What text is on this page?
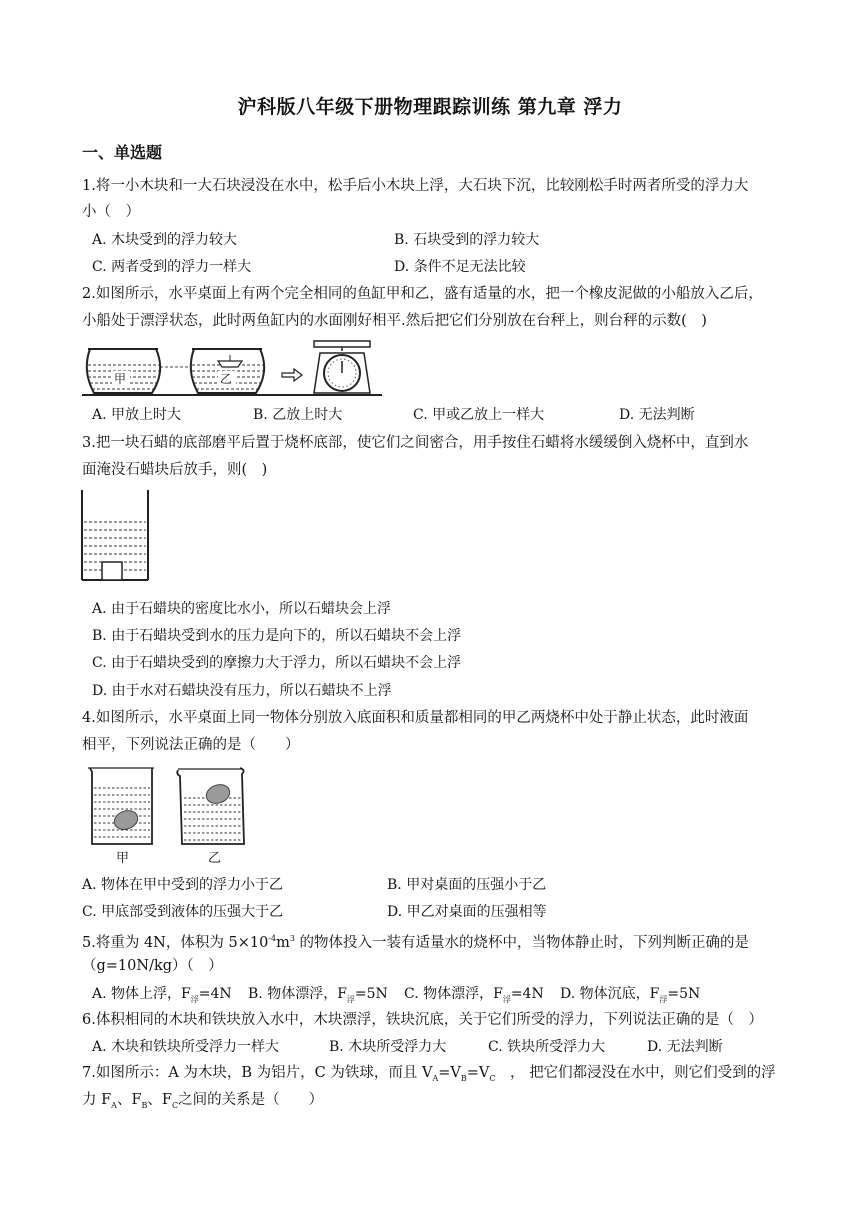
沪科版八年级下册物理跟踪训练 第九章 浮力
一、单选题
1.将一小木块和一大石块浸没在水中，松手后小木块上浮，大石块下沉，比较刚松手时两者所受的浮力大
小（　）
A. 木块受到的浮力较大	B. 石块受到的浮力较大
C. 两者受到的浮力一样大	D. 条件不足无法比较
2.如图所示，水平桌面上有两个完全相同的鱼缸甲和乙，盛有适量的水，把一个橡皮泥做的小船放入乙后，
小船处于漂浮状态，此时两鱼缸内的水面刚好相平.然后把它们分别放在台秤上，则台秤的示数(　)
甲	乙
A. 甲放上时大	B. 乙放上时大	C. 甲或乙放上一样大	D. 无法判断
3.把一块石蜡的底部磨平后置于烧杯底部，使它们之间密合，用手按住石蜡将水缓缓倒入烧杯中，直到水
面淹没石蜡块后放手，则(　)
A. 由于石蜡块的密度比水小，所以石蜡块会上浮
B. 由于石蜡块受到水的压力是向下的，所以石蜡块不会上浮
C. 由于石蜡块受到的摩擦力大于浮力，所以石蜡块不会上浮
D. 由于水对石蜡块没有压力，所以石蜡块不上浮
4.如图所示，水平桌面上同一物体分别放入底面积和质量都相同的甲乙两烧杯中处于静止状态，此时液面
相平，下列说法正确的是（　　）
甲	乙
A. 物体在甲中受到的浮力小于乙	B. 甲对桌面的压强小于乙
C. 甲底部受到液体的压强大于乙	D. 甲乙对桌面的压强相等
5.将重为 4N，体积为 $5\times 10^{-4}m^3$ 的物体投入一装有适量水的烧杯中，当物体静止时，下列判断正确的是
（g=10N/kg）（　）
A. 物体上浮，$F_浮=4N$ B. 物体漂浮，$F_浮=5N$ C. 物体漂浮，$F_浮=4N$ D. 物体沉底，$F_浮=5N$
6.体积相同的木块和铁块放入水中，木块漂浮，铁块沉底，关于它们所受的浮力，下列说法正确的是（　）
A. 木块和铁块所受浮力一样大	B. 木块所受浮力大	C. 铁块所受浮力大	D. 无法判断
7.如图所示：A 为木块，B 为铝片，C 为铁球，而且 $V_A=V_B=V_C$　， 把它们都浸没在水中，则它们受到的浮
力 $F_A$、$F_B$、$F_C$之间的关系是（　　）
